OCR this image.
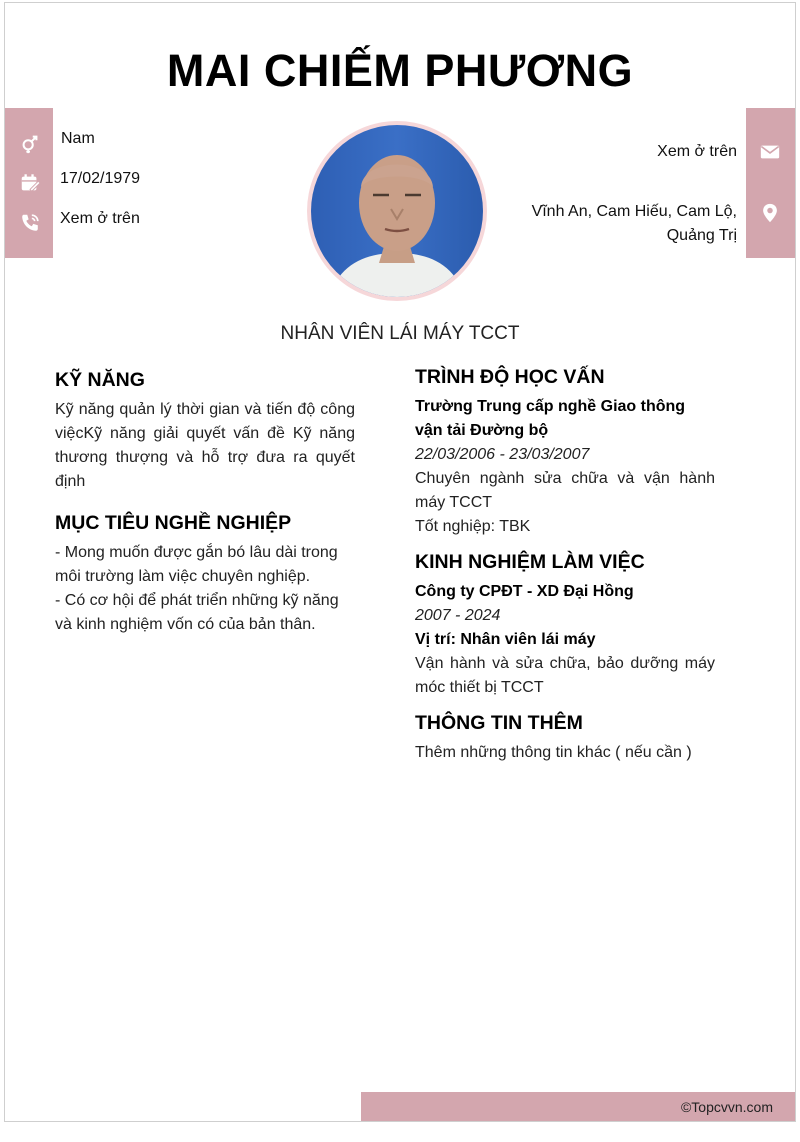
MAI CHIẾM PHƯƠNG
Nam
17/02/1979
Xem ở trên
Xem ở trên
Vĩnh An, Cam Hiếu, Cam Lộ,
Quảng Trị
NHÂN VIÊN LÁI MÁY TCCT
KỸ NĂNG
Kỹ năng quản lý thời gian và tiến độ công việcKỹ năng giải quyết vấn đề Kỹ năng thương thượng và hỗ trợ đưa ra quyết định
MỤC TIÊU NGHỀ NGHIỆP
- Mong muốn được gắn bó lâu dài trong môi trường làm việc chuyên nghiệp.
- Có cơ hội để phát triển những kỹ năng và kinh nghiệm vốn có của bản thân.
TRÌNH ĐỘ HỌC VẤN
Trường Trung cấp nghề Giao thông vận tải Đường bộ
22/03/2006 - 23/03/2007
Chuyên ngành sửa chữa và vận hành máy TCCT
Tốt nghiệp: TBK
KINH NGHIỆM LÀM VIỆC
Công ty CPĐT - XD Đại Hồng
2007 - 2024
Vị trí: Nhân viên lái máy
Vận hành và sửa chữa, bảo dưỡng máy móc thiết bị TCCT
THÔNG TIN THÊM
Thêm những thông tin khác ( nếu cần )
©Topcvvn.com
